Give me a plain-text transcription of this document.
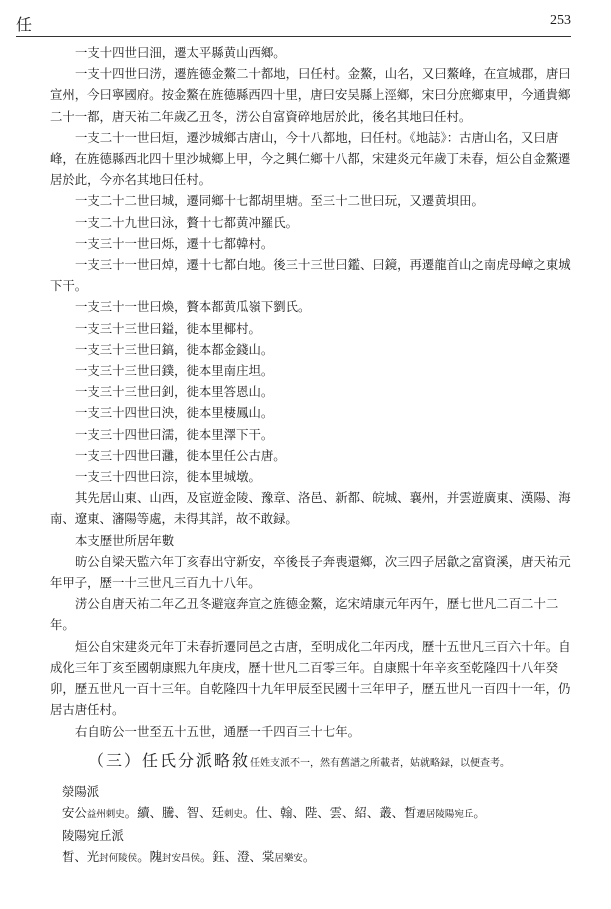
任	253

一支十四世曰沺，遷太平縣黄山西鄉。

一支十四世曰淓，遷旌德金鰲二十都地，曰任村。金鰲，山名，又曰鰲峰，在宣城郡，唐曰宣州，今曰寧國府。按金鰲在旌德縣西四十里，唐曰安吴縣上涇鄉，宋曰分庶鄉東甲，今通貴鄉二十一都，唐天祐二年歲乙丑冬，淓公自富資碎地居於此，後名其地曰任村。

一支二十一世曰烜，遷沙城鄉古唐山，今十八都地，曰任村。《地誌》：古唐山名，又曰唐峰，在旌德縣西北四十里沙城鄉上甲，今之興仁鄉十八都，宋建炎元年歲丁未春，烜公自金鰲遷居於此，今亦名其地曰任村。

一支二十二世曰城，遷同鄉十七都胡里塘。至三十二世曰玩，又遷黄垻田。

一支二十九世曰泳，贅十七都黄冲羅氏。

一支三十一世曰烁，遷十七都韓村。

一支三十一世曰焯，遷十七都白地。後三十三世曰鑑、曰鏡，再遷龍首山之南虎母嶂之東城下干。

一支三十一世曰煥，贅本都黄瓜嶺下劉氏。

一支三十三世曰鎰，徙本里椰村。

一支三十三世曰鎬，徙本都金錢山。

一支三十三世曰鏷，徙本里南庄坦。

一支三十三世曰釗，徙本里答恩山。

一支三十四世曰泱，徙本里棲鳳山。

一支三十四世曰濡，徙本里澤下干。

一支三十四世曰灉，徙本里任公古唐。

一支三十四世曰淙，徙本里城墩。

其先居山東、山西，及宦遊金陵、豫章、洛邑、新都、皖城、襄州，并雲遊廣東、漢陽、海南、遼東、瀋陽等處，未得其詳，故不敢録。

本支歷世所居年數

昉公自梁天監六年丁亥春出守新安，卒後長子奔喪還鄉，次三四子居歙之富資溪，唐天祐元年甲子，歷一十三世凡三百九十八年。

淓公自唐天祐二年乙丑冬避寇奔宣之旌德金鰲，迄宋靖康元年丙午，歷七世凡二百二十二年。

烜公自宋建炎元年丁未春折遷同邑之古唐，至明成化二年丙戌，歷十五世凡三百六十年。自成化三年丁亥至國朝康熙九年庚戌，歷十世凡二百零三年。自康熙十年辛亥至乾隆四十八年癸卯，歷五世凡一百十三年。自乾隆四十九年甲辰至民國十三年甲子，歷五世凡一百四十一年，仍居古唐任村。

右自昉公一世至五十五世，通歷一千四百三十七年。

（三）任氏分派略敘任姓支派不一，然有舊譜之所載者，姑就略録，以便查考。

滎陽派

安公益州刺史。續、騰、智、廷刺史。仕、翰、陛、雲、紹、叢、晳遷居陵陽宛丘。

陵陽宛丘派

晳、光封何陵侯。隗封安昌侯。鈺、澄、棠居樂安。
